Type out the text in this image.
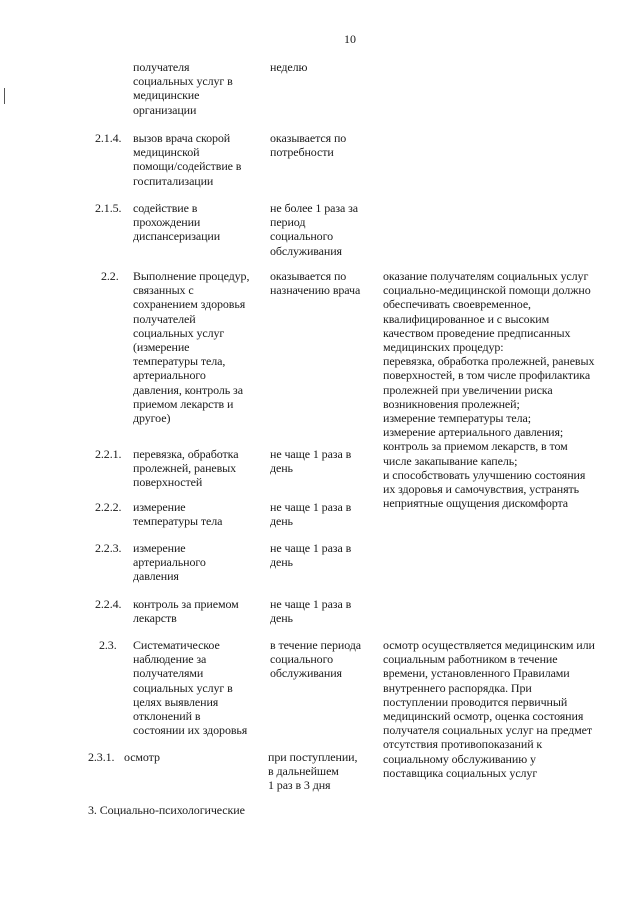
10

получателя
социальных услуг в
медицинские
организации

неделю

2.1.4. вызов врача скорой
медицинской
помощи/содействие в
госпитализации

оказывается по
потребности

2.1.5. содействие в
прохождении
диспансеризации

не более 1 раза за
период
социального
обслуживания

2.2. Выполнение процедур,
связанных с
сохранением здоровья
получателей
социальных услуг
(измерение
температуры тела,
артериального
давления, контроль за
приемом лекарств и
другое)

оказывается по
назначению врача

оказание получателям социальных услуг
социально-медицинской помощи должно
обеспечивать своевременное,
квалифицированное и с высоким
качеством проведение предписанных
медицинских процедур:
перевязка, обработка пролежней, раневых
поверхностей, в том числе профилактика
пролежней при увеличении риска
возникновения пролежней;
измерение температуры тела;
измерение артериального давления;
контроль за приемом лекарств, в том
числе закапывание капель;
и способствовать улучшению состояния
их здоровья и самочувствия, устранять
неприятные ощущения дискомфорта

2.2.1. перевязка, обработка
пролежней, раневых
поверхностей

не чаще 1 раза в
день

2.2.2. измерение
температуры тела

не чаще 1 раза в
день

2.2.3. измерение
артериального
давления

не чаще 1 раза в
день

2.2.4. контроль за приемом
лекарств

не чаще 1 раза в
день

2.3. Систематическое
наблюдение за
получателями
социальных услуг в
целях выявления
отклонений в
состоянии их здоровья

в течение периода
социального
обслуживания

осмотр осуществляется медицинским или
социальным работником в течение
времени, установленного Правилами
внутреннего распорядка. При
поступлении проводится первичный
медицинский осмотр, оценка состояния
получателя социальных услуг на предмет
отсутствия противопоказаний к
социальному обслуживанию у
поставщика социальных услуг

2.3.1. осмотр	при поступлении,
в дальнейшем
1 раз в 3 дня

3. Социально-психологические
